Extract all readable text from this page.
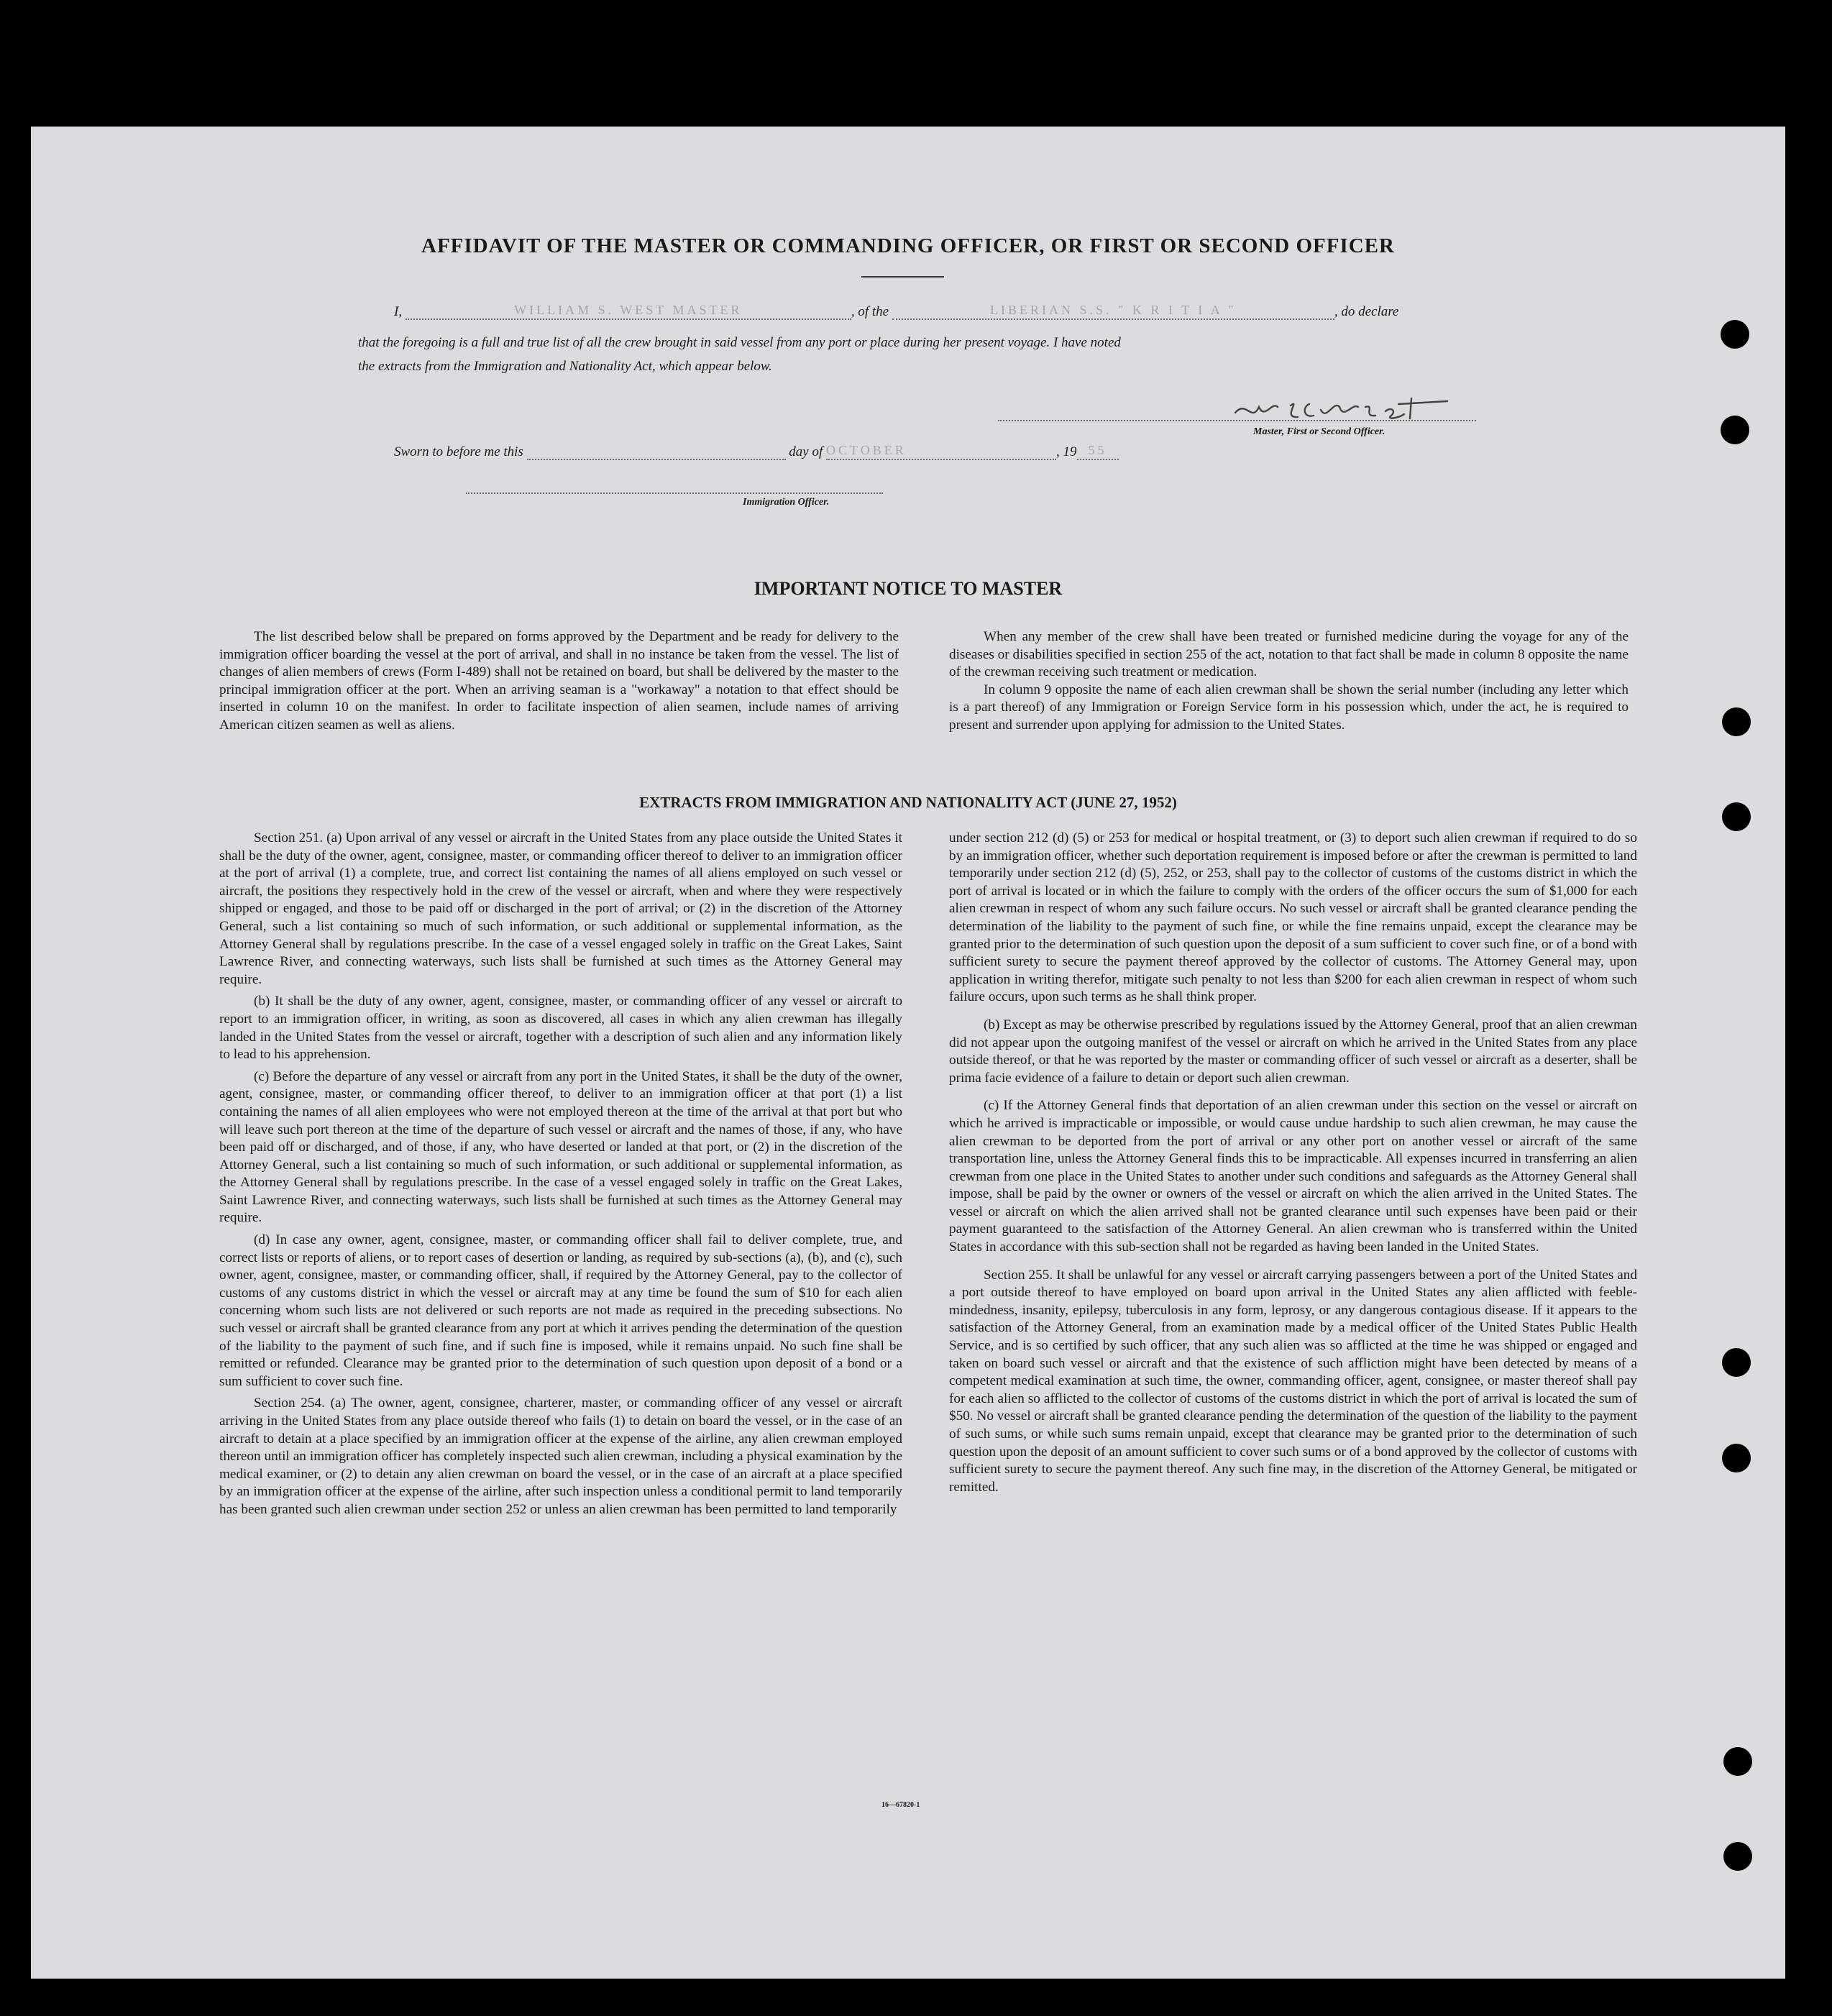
AFFIDAVIT OF THE MASTER OR COMMANDING OFFICER, OR FIRST OR SECOND OFFICER
I,	WILLIAM S. WEST MASTER	, of the	LIBERIAN S.S. " K R I T I A "	, do declare
that the foregoing is a full and true list of all the crew brought in said vessel from any port or place during her present voyage. I have noted
the extracts from the Immigration and Nationality Act, which appear below.
Master, First or Second Officer.
Sworn to before me this	day of OCTOBER	, 19 55
Immigration Officer.
IMPORTANT NOTICE TO MASTER

The list described below shall be prepared on forms approved by the Department and be ready for delivery to the immigration officer boarding the vessel at the port of arrival, and shall in no instance be taken from the vessel. The list of changes of alien members of crews (Form I-489) shall not be retained on board, but shall be delivered by the master to the principal immigration officer at the port. When an arriving seaman is a "workaway" a notation to that effect should be inserted in column 10 on the manifest. In order to facilitate inspection of alien seamen, include names of arriving American citizen seamen as well as aliens.

When any member of the crew shall have been treated or furnished medicine during the voyage for any of the diseases or disabilities specified in section 255 of the act, notation to that fact shall be made in column 8 opposite the name of the crewman receiving such treatment or medication.

In column 9 opposite the name of each alien crewman shall be shown the serial number (including any letter which is a part thereof) of any Immigration or Foreign Service form in his possession which, under the act, he is required to present and surrender upon applying for admission to the United States.

EXTRACTS FROM IMMIGRATION AND NATIONALITY ACT (JUNE 27, 1952)

Section 251. (a) Upon arrival of any vessel or aircraft in the United States from any place outside the United States it shall be the duty of the owner, agent, consignee, master, or commanding officer thereof to deliver to an immigration officer at the port of arrival (1) a complete, true, and correct list containing the names of all aliens employed on such vessel or aircraft, the positions they respectively hold in the crew of the vessel or aircraft, when and where they were respectively shipped or engaged, and those to be paid off or discharged in the port of arrival; or (2) in the discretion of the Attorney General, such a list containing so much of such information, or such additional or supplemental information, as the Attorney General shall by regulations prescribe. In the case of a vessel engaged solely in traffic on the Great Lakes, Saint Lawrence River, and connecting waterways, such lists shall be furnished at such times as the Attorney General may require.

(b) It shall be the duty of any owner, agent, consignee, master, or commanding officer of any vessel or aircraft to report to an immigration officer, in writing, as soon as discovered, all cases in which any alien crewman has illegally landed in the United States from the vessel or aircraft, together with a description of such alien and any information likely to lead to his apprehension.

(c) Before the departure of any vessel or aircraft from any port in the United States, it shall be the duty of the owner, agent, consignee, master, or commanding officer thereof, to deliver to an immigration officer at that port (1) a list containing the names of all alien employees who were not employed thereon at the time of the arrival at that port but who will leave such port thereon at the time of the departure of such vessel or aircraft and the names of those, if any, who have been paid off or discharged, and of those, if any, who have deserted or landed at that port, or (2) in the discretion of the Attorney General, such a list containing so much of such information, or such additional or supplemental information, as the Attorney General shall by regulations prescribe. In the case of a vessel engaged solely in traffic on the Great Lakes, Saint Lawrence River, and connecting waterways, such lists shall be furnished at such times as the Attorney General may require.

(d) In case any owner, agent, consignee, master, or commanding officer shall fail to deliver complete, true, and correct lists or reports of aliens, or to report cases of desertion or landing, as required by sub-sections (a), (b), and (c), such owner, agent, consignee, master, or commanding officer, shall, if required by the Attorney General, pay to the collector of customs of any customs district in which the vessel or aircraft may at any time be found the sum of $10 for each alien concerning whom such lists are not delivered or such reports are not made as required in the preceding subsections. No such vessel or aircraft shall be granted clearance from any port at which it arrives pending the determination of the question of the liability to the payment of such fine, and if such fine is imposed, while it remains unpaid. No such fine shall be remitted or refunded. Clearance may be granted prior to the determination of such question upon deposit of a bond or a sum sufficient to cover such fine.

Section 254. (a) The owner, agent, consignee, charterer, master, or commanding officer of any vessel or aircraft arriving in the United States from any place outside thereof who fails (1) to detain on board the vessel, or in the case of an aircraft to detain at a place specified by an immigration officer at the expense of the airline, any alien crewman employed thereon until an immigration officer has completely inspected such alien crewman, including a physical examination by the medical examiner, or (2) to detain any alien crewman on board the vessel, or in the case of an aircraft at a place specified by an immigration officer at the expense of the airline, after such inspection unless a conditional permit to land temporarily has been granted such alien crewman under section 252 or unless an alien crewman has been permitted to land temporarily

under section 212 (d) (5) or 253 for medical or hospital treatment, or (3) to deport such alien crewman if required to do so by an immigration officer, whether such deportation requirement is imposed before or after the crewman is permitted to land temporarily under section 212 (d) (5), 252, or 253, shall pay to the collector of customs of the customs district in which the port of arrival is located or in which the failure to comply with the orders of the officer occurs the sum of $1,000 for each alien crewman in respect of whom any such failure occurs. No such vessel or aircraft shall be granted clearance pending the determination of the liability to the payment of such fine, or while the fine remains unpaid, except the clearance may be granted prior to the determination of such question upon the deposit of a sum sufficient to cover such fine, or of a bond with sufficient surety to secure the payment thereof approved by the collector of customs. The Attorney General may, upon application in writing therefor, mitigate such penalty to not less than $200 for each alien crewman in respect of whom such failure occurs, upon such terms as he shall think proper.

(b) Except as may be otherwise prescribed by regulations issued by the Attorney General, proof that an alien crewman did not appear upon the outgoing manifest of the vessel or aircraft on which he arrived in the United States from any place outside thereof, or that he was reported by the master or commanding officer of such vessel or aircraft as a deserter, shall be prima facie evidence of a failure to detain or deport such alien crewman.

(c) If the Attorney General finds that deportation of an alien crewman under this section on the vessel or aircraft on which he arrived is impracticable or impossible, or would cause undue hardship to such alien crewman, he may cause the alien crewman to be deported from the port of arrival or any other port on another vessel or aircraft of the same transportation line, unless the Attorney General finds this to be impracticable. All expenses incurred in transferring an alien crewman from one place in the United States to another under such conditions and safeguards as the Attorney General shall impose, shall be paid by the owner or owners of the vessel or aircraft on which the alien arrived in the United States. The vessel or aircraft on which the alien arrived shall not be granted clearance until such expenses have been paid or their payment guaranteed to the satisfaction of the Attorney General. An alien crewman who is transferred within the United States in accordance with this sub-section shall not be regarded as having been landed in the United States.

Section 255. It shall be unlawful for any vessel or aircraft carrying passengers between a port of the United States and a port outside thereof to have employed on board upon arrival in the United States any alien afflicted with feeble-mindedness, insanity, epilepsy, tuberculosis in any form, leprosy, or any dangerous contagious disease. If it appears to the satisfaction of the Attorney General, from an examination made by a medical officer of the United States Public Health Service, and is so certified by such officer, that any such alien was so afflicted at the time he was shipped or engaged and taken on board such vessel or aircraft and that the existence of such affliction might have been detected by means of a competent medical examination at such time, the owner, commanding officer, agent, consignee, or master thereof shall pay for each alien so afflicted to the collector of customs of the customs district in which the port of arrival is located the sum of $50. No vessel or aircraft shall be granted clearance pending the determination of the question of the liability to the payment of such sums, or while such sums remain unpaid, except that clearance may be granted prior to the determination of such question upon the deposit of an amount sufficient to cover such sums or of a bond approved by the collector of customs with sufficient surety to secure the payment thereof. Any such fine may, in the discretion of the Attorney General, be mitigated or remitted.

16—67820-1
